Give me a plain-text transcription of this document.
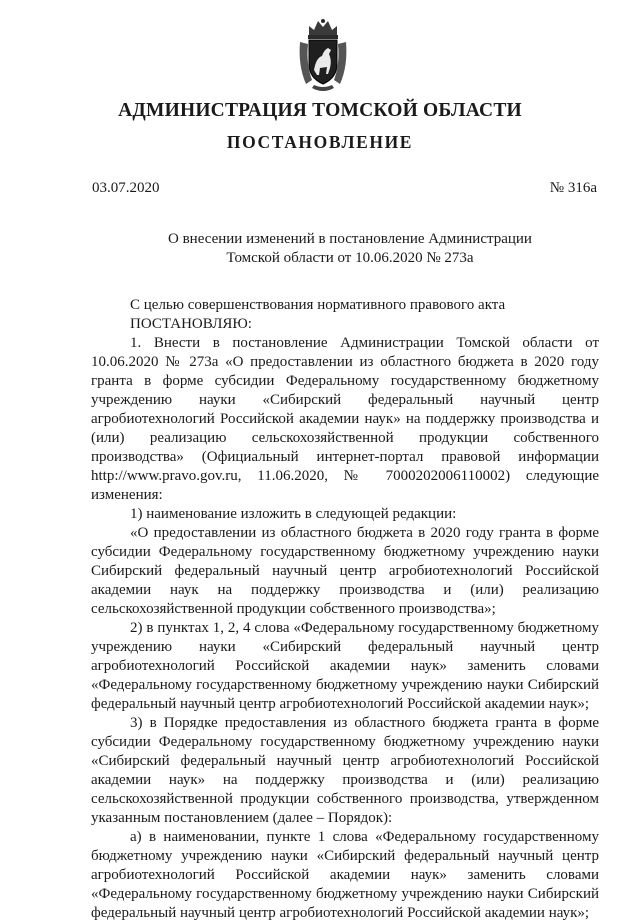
АДМИНИСТРАЦИЯ ТОМСКОЙ ОБЛАСТИ
ПОСТАНОВЛЕНИЕ
03.07.2020	№ 316а
О внесении изменений в постановление Администрации
Томской области от 10.06.2020 № 273а

С целью совершенствования нормативного правового акта

ПОСТАНОВЛЯЮ:

1. Внести в постановление Администрации Томской области от 10.06.2020 № 273а «О предоставлении из областного бюджета в 2020 году гранта в форме субсидии Федеральному государственному бюджетному учреждению науки «Сибирский федеральный научный центр агробиотехнологий Российской академии наук» на поддержку производства и (или) реализацию сельскохозяйственной продукции собственного производства» (Официальный интернет-портал правовой информации http://www.pravo.gov.ru, 11.06.2020, № 7000202006110002) следующие изменения:

1) наименование изложить в следующей редакции:

«О предоставлении из областного бюджета в 2020 году гранта в форме субсидии Федеральному государственному бюджетному учреждению науки Сибирский федеральный научный центр агробиотехнологий Российской академии наук на поддержку производства и (или) реализацию сельскохозяйственной продукции собственного производства»;

2) в пунктах 1, 2, 4 слова «Федеральному государственному бюджетному учреждению науки «Сибирский федеральный научный центр агробиотехнологий Российской академии наук» заменить словами «Федеральному государственному бюджетному учреждению науки Сибирский федеральный научный центр агробиотехнологий Российской академии наук»;

3) в Порядке предоставления из областного бюджета гранта в форме субсидии Федеральному государственному бюджетному учреждению науки «Сибирский федеральный научный центр агробиотехнологий Российской академии наук» на поддержку производства и (или) реализацию сельскохозяйственной продукции собственного производства, утвержденном указанным постановлением (далее – Порядок):

а) в наименовании, пункте 1 слова «Федеральному государственному бюджетному учреждению науки «Сибирский федеральный научный центр агробиотехнологий Российской академии наук» заменить словами «Федеральному государственному бюджетному учреждению науки Сибирский федеральный научный центр агробиотехнологий Российской академии наук»;
